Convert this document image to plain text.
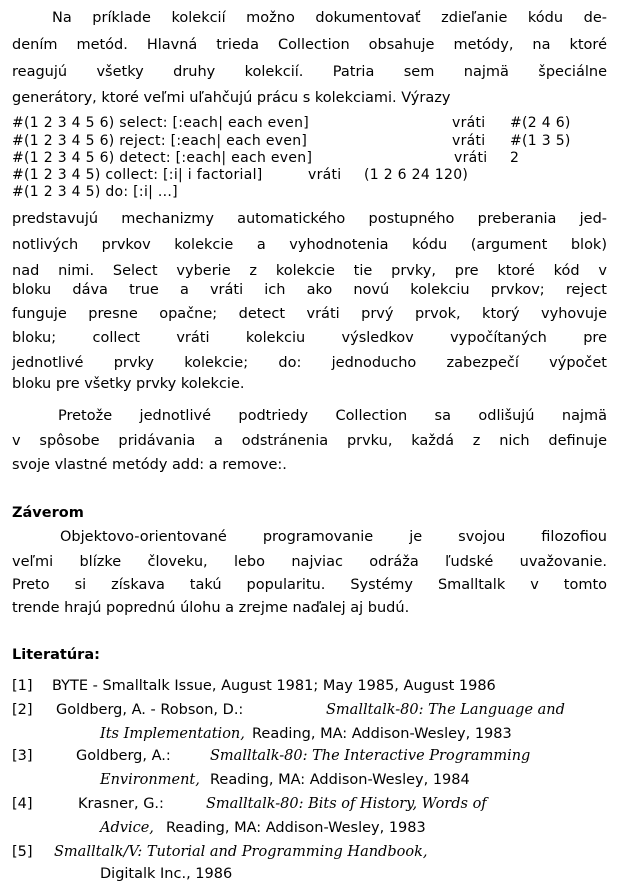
Na príklade kolekcií možno dokumentovať zdieľanie kódu de-
dením metód. Hlavná trieda Collection obsahuje metódy, na ktoré
reagujú všetky druhy kolekcií. Patria sem najmä špeciálne
generátory, ktoré veľmi uľahčujú prácu s kolekciami. Výrazy
#(1 2 3 4 5 6) select: [:each| each even]	vráti #(2 4 6)
#(1 2 3 4 5 6) reject: [:each| each even]	vráti #(1 3 5)
#(1 2 3 4 5 6) detect: [:each| each even]	vráti 2
#(1 2 3 4 5) collect: [:i| i factorial]	vráti (1 2 6 24 120)
#(1 2 3 4 5) do: [:i| ...]
predstavujú mechanizmy automatického postupného preberania jed-
notlivých prvkov kolekcie a vyhodnotenia kódu (argument blok)
nad nimi. Select vyberie z kolekcie tie prvky, pre ktoré kód v
bloku dáva true a vráti ich ako novú kolekciu prvkov; reject
funguje presne opačne; detect vráti prvý prvok, ktorý vyhovuje
bloku; collect vráti kolekciu výsledkov vypočítaných pre
jednotlivé prvky kolekcie; do: jednoducho zabezpečí výpočet
bloku pre všetky prvky kolekcie.
Pretože jednotlivé podtriedy Collection sa odlišujú najmä
v spôsobe pridávania a odstránenia prvku, každá z nich definuje
svoje vlastné metódy add: a remove:.
Záverom
Objektovo-orientované programovanie je svojou filozofiou
veľmi blízke človeku, lebo najviac odráža ľudské uvažovanie.
Preto si získava takú popularitu. Systémy Smalltalk v tomto
trende hrajú poprednú úlohu a zrejme naďalej aj budú.
Literatúra:
[1] BYTE - Smalltalk Issue, August 1981; May 1985, August 1986
[2] Goldberg, A. - Robson, D.:	Smalltalk-80: The Language and
Its Implementation, Reading, MA: Addison-Wesley, 1983
[3]	Goldberg, A.:	Smalltalk-80: The Interactive Programming
Environment, Reading, MA: Addison-Wesley, 1984
[4]	Krasner, G.:	Smalltalk-80: Bits of History, Words of
Advice, Reading, MA: Addison-Wesley, 1983
[5] Smalltalk/V: Tutorial and Programming Handbook,
Digitalk Inc., 1986
